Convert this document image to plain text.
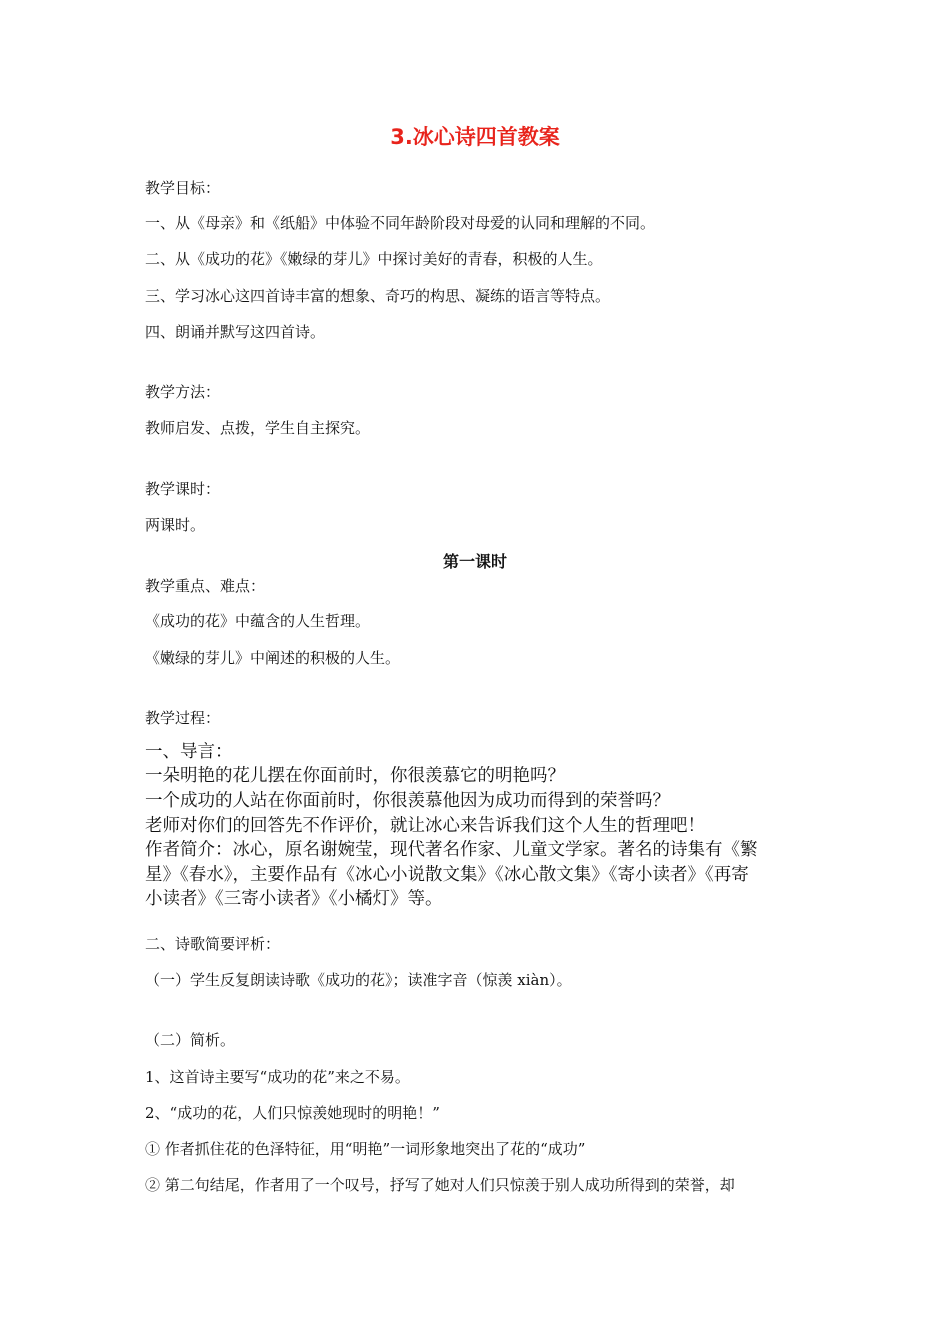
3.冰心诗四首教案
教学目标：
一、从《母亲》和《纸船》中体验不同年龄阶段对母爱的认同和理解的不同。
二、从《成功的花》《嫩绿的芽儿》中探讨美好的青春，积极的人生。
三、学习冰心这四首诗丰富的想象、奇巧的构思、凝练的语言等特点。
四、朗诵并默写这四首诗。
教学方法：
教师启发、点拨，学生自主探究。
教学课时：
两课时。
第一课时
教学重点、难点：
《成功的花》中蕴含的人生哲理。
《嫩绿的芽儿》中阐述的积极的人生。
教学过程：
一、导言：
一朵明艳的花儿摆在你面前时，你很羡慕它的明艳吗？
一个成功的人站在你面前时，你很羡慕他因为成功而得到的荣誉吗？
老师对你们的回答先不作评价，就让冰心来告诉我们这个人生的哲理吧！
作者简介：冰心，原名谢婉莹，现代著名作家、儿童文学家。著名的诗集有《繁
星》《春水》，主要作品有《冰心小说散文集》《冰心散文集》《寄小读者》《再寄
小读者》《三寄小读者》《小橘灯》等。
二、诗歌简要评析：
（一）学生反复朗读诗歌《成功的花》；读准字音（惊羡 xiàn）。
（二）简析。
1、这首诗主要写“成功的花”来之不易。
2、“成功的花，人们只惊羡她现时的明艳！”
① 作者抓住花的色泽特征，用“明艳”一词形象地突出了花的“成功”
② 第二句结尾，作者用了一个叹号，抒写了她对人们只惊羡于别人成功所得到的荣誉，却
